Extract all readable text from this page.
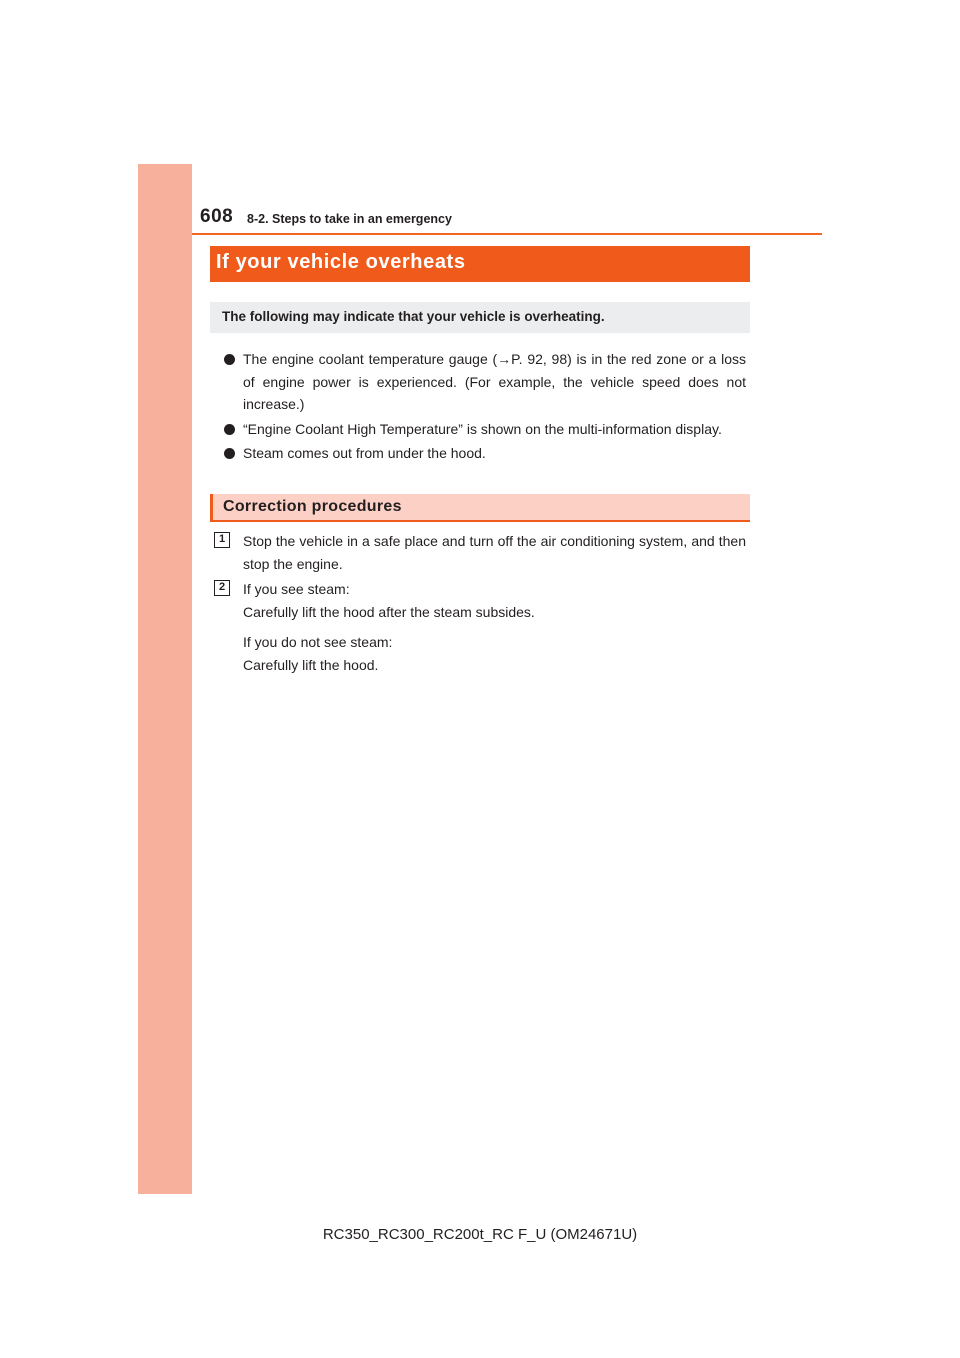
608 8-2. Steps to take in an emergency
If your vehicle overheats
The following may indicate that your vehicle is overheating.
The engine coolant temperature gauge (→P. 92, 98) is in the red zone or a loss of engine power is experienced. (For example, the vehicle speed does not increase.)
“Engine Coolant High Temperature” is shown on the multi-information display.
Steam comes out from under the hood.
Correction procedures
1	Stop the vehicle in a safe place and turn off the air conditioning system, and then stop the engine.

2	If you see steam:
Carefully lift the hood after the steam subsides.

If you do not see steam:
Carefully lift the hood.

RC350_RC300_RC200t_RC F_U (OM24671U)
